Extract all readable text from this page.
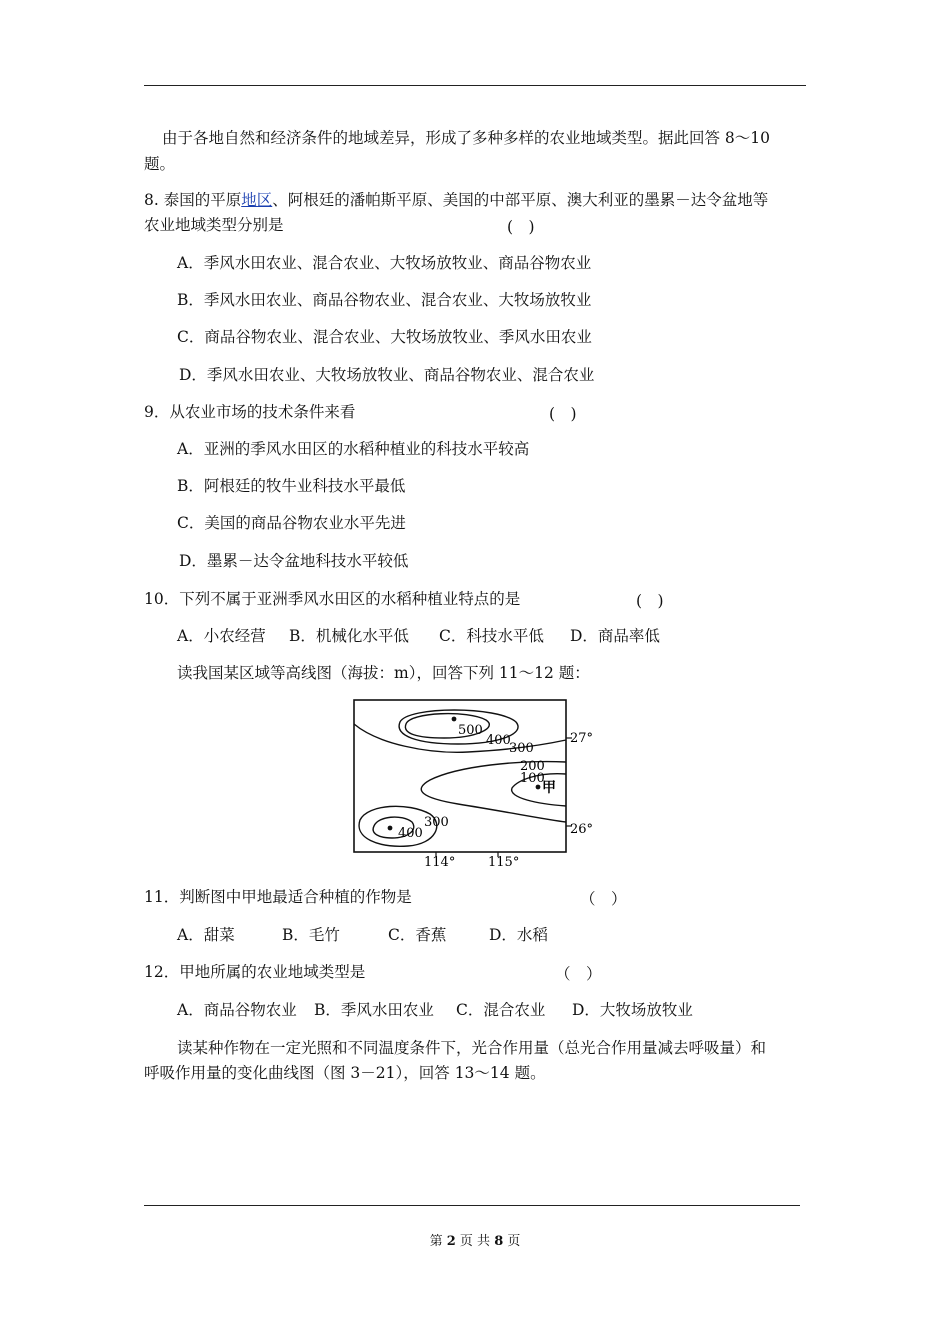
由于各地自然和经济条件的地域差异，形成了多种多样的农业地域类型。据此回答 8～10
题。
8. 泰国的平原地区、阿根廷的潘帕斯平原、美国的中部平原、澳大利亚的墨累－达令盆地等
农业地域类型分别是	(　)
A．季风水田农业、混合农业、大牧场放牧业、商品谷物农业
B．季风水田农业、商品谷物农业、混合农业、大牧场放牧业
C．商品谷物农业、混合农业、大牧场放牧业、季风水田农业
D．季风水田农业、大牧场放牧业、商品谷物农业、混合农业
9．从农业市场的技术条件来看	(　)
A．亚洲的季风水田区的水稻种植业的科技水平较高
B．阿根廷的牧牛业科技水平最低
C．美国的商品谷物农业水平先进
D．墨累－达令盆地科技水平较低
10．下列不属于亚洲季风水田区的水稻种植业特点的是	(　)
A．小农经营 B．机械化水平低 C．科技水平低 D．商品率低
读我国某区域等高线图（海拔：m），回答下列 11～12 题：
500
400
300
200
100
甲
300
400
27°
26°
114°	115°
11．判断图中甲地最适合种植的作物是	（　）
A．甜菜	B．毛竹	C．香蕉	D．水稻
12．甲地所属的农业地域类型是	（　）
A．商品谷物农业 B．季风水田农业 C．混合农业 D．大牧场放牧业
读某种作物在一定光照和不同温度条件下，光合作用量（总光合作用量减去呼吸量）和
呼吸作用量的变化曲线图（图 3－21），回答 13～14 题。
第 2 页 共 8 页
